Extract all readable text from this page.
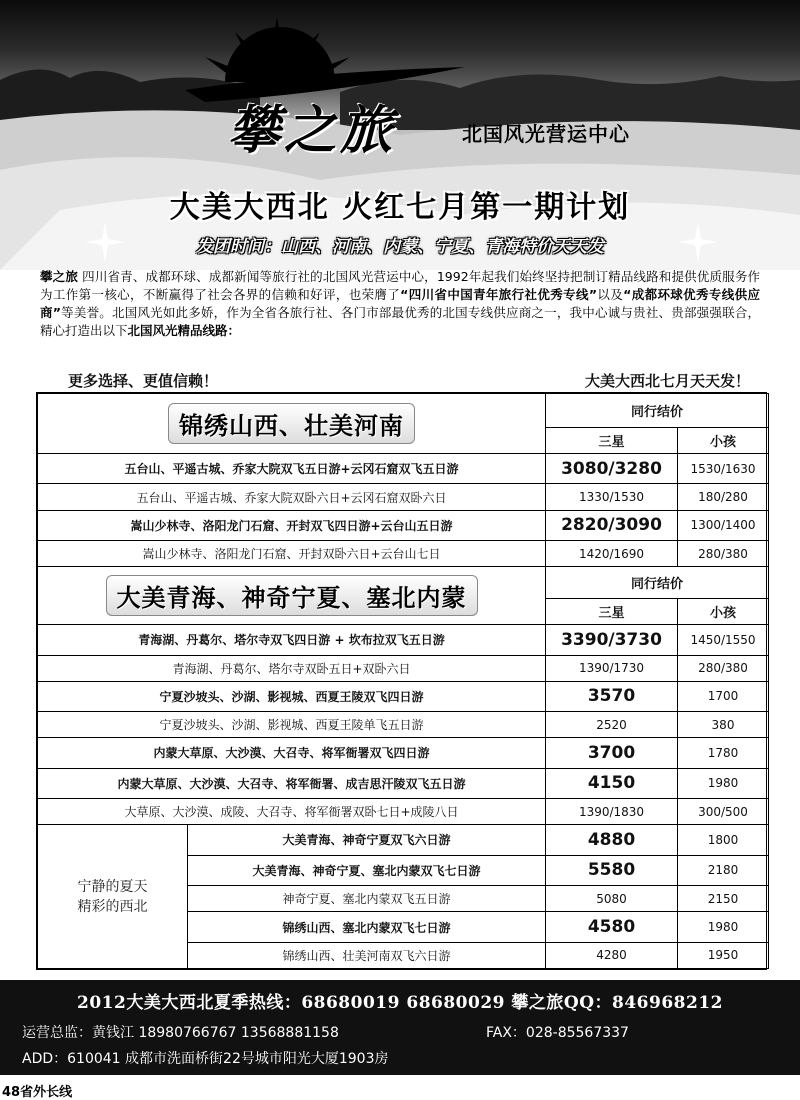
攀之旅	北国风光营运中心
大美大西北 火红七月第一期计划
发团时间：山西、河南、内蒙、宁夏、青海特价天天发
攀之旅 四川省青、成都环球、成都新闻等旅行社的北国风光营运中心，1992年起我们始终坚持把制订精品线路和提供优质服务作为工作第一核心，不断赢得了社会各界的信赖和好评，也荣膺了“四川省中国青年旅行社优秀专线”以及“成都环球优秀专线供应商”等美誉。北国风光如此多娇，作为全省各旅行社、各门市部最优秀的北国专线供应商之一，我中心诚与贵社、贵部强强联合，精心打造出以下北国风光精品线路：
更多选择、更值信赖！	大美大西北七月天天发！
锦绣山西、壮美河南		同行结价	
		三星	小孩
五台山、平遥古城、乔家大院双飞五日游+云冈石窟双飞五日游		3080/3280	1530/1630
五台山、平遥古城、乔家大院双卧六日+云冈石窟双卧六日		1330/1530	180/280
嵩山少林寺、洛阳龙门石窟、开封双飞四日游+云台山五日游		2820/3090	1300/1400
嵩山少林寺、洛阳龙门石窟、开封双卧六日+云台山七日		1420/1690	280/380
大美青海、神奇宁夏、塞北内蒙		同行结价	
		三星	小孩
青海湖、丹葛尔、塔尔寺双飞四日游 + 坎布拉双飞五日游		3390/3730	1450/1550
青海湖、丹葛尔、塔尔寺双卧五日+双卧六日		1390/1730	280/380
宁夏沙坡头、沙湖、影视城、西夏王陵双飞四日游		3570	1700
宁夏沙坡头、沙湖、影视城、西夏王陵单飞五日游		2520	380
内蒙大草原、大沙漠、大召寺、将军衙署双飞四日游		3700	1780
内蒙大草原、大沙漠、大召寺、将军衙署、成吉思汗陵双飞五日游		4150	1980
大草原、大沙漠、成陵、大召寺、将军衙署双卧七日+成陵八日		1390/1830	300/500

宁静的夏天
精彩的西北	大美青海、神奇宁夏双飞六日游	4880	1800
	大美青海、神奇宁夏、塞北内蒙双飞七日游	5580	2180
	神奇宁夏、塞北内蒙双飞五日游	5080	2150
	锦绣山西、塞北内蒙双飞七日游	4580	1980
	锦绣山西、壮美河南双飞六日游	4280	1950
2012大美大西北夏季热线：68680019 68680029 攀之旅QQ：846968212
运营总监：黄钱江 18980766767 13568881158	FAX：028-85567337
ADD：610041 成都市洗面桥街22号城市阳光大厦1903房
48省外长线
